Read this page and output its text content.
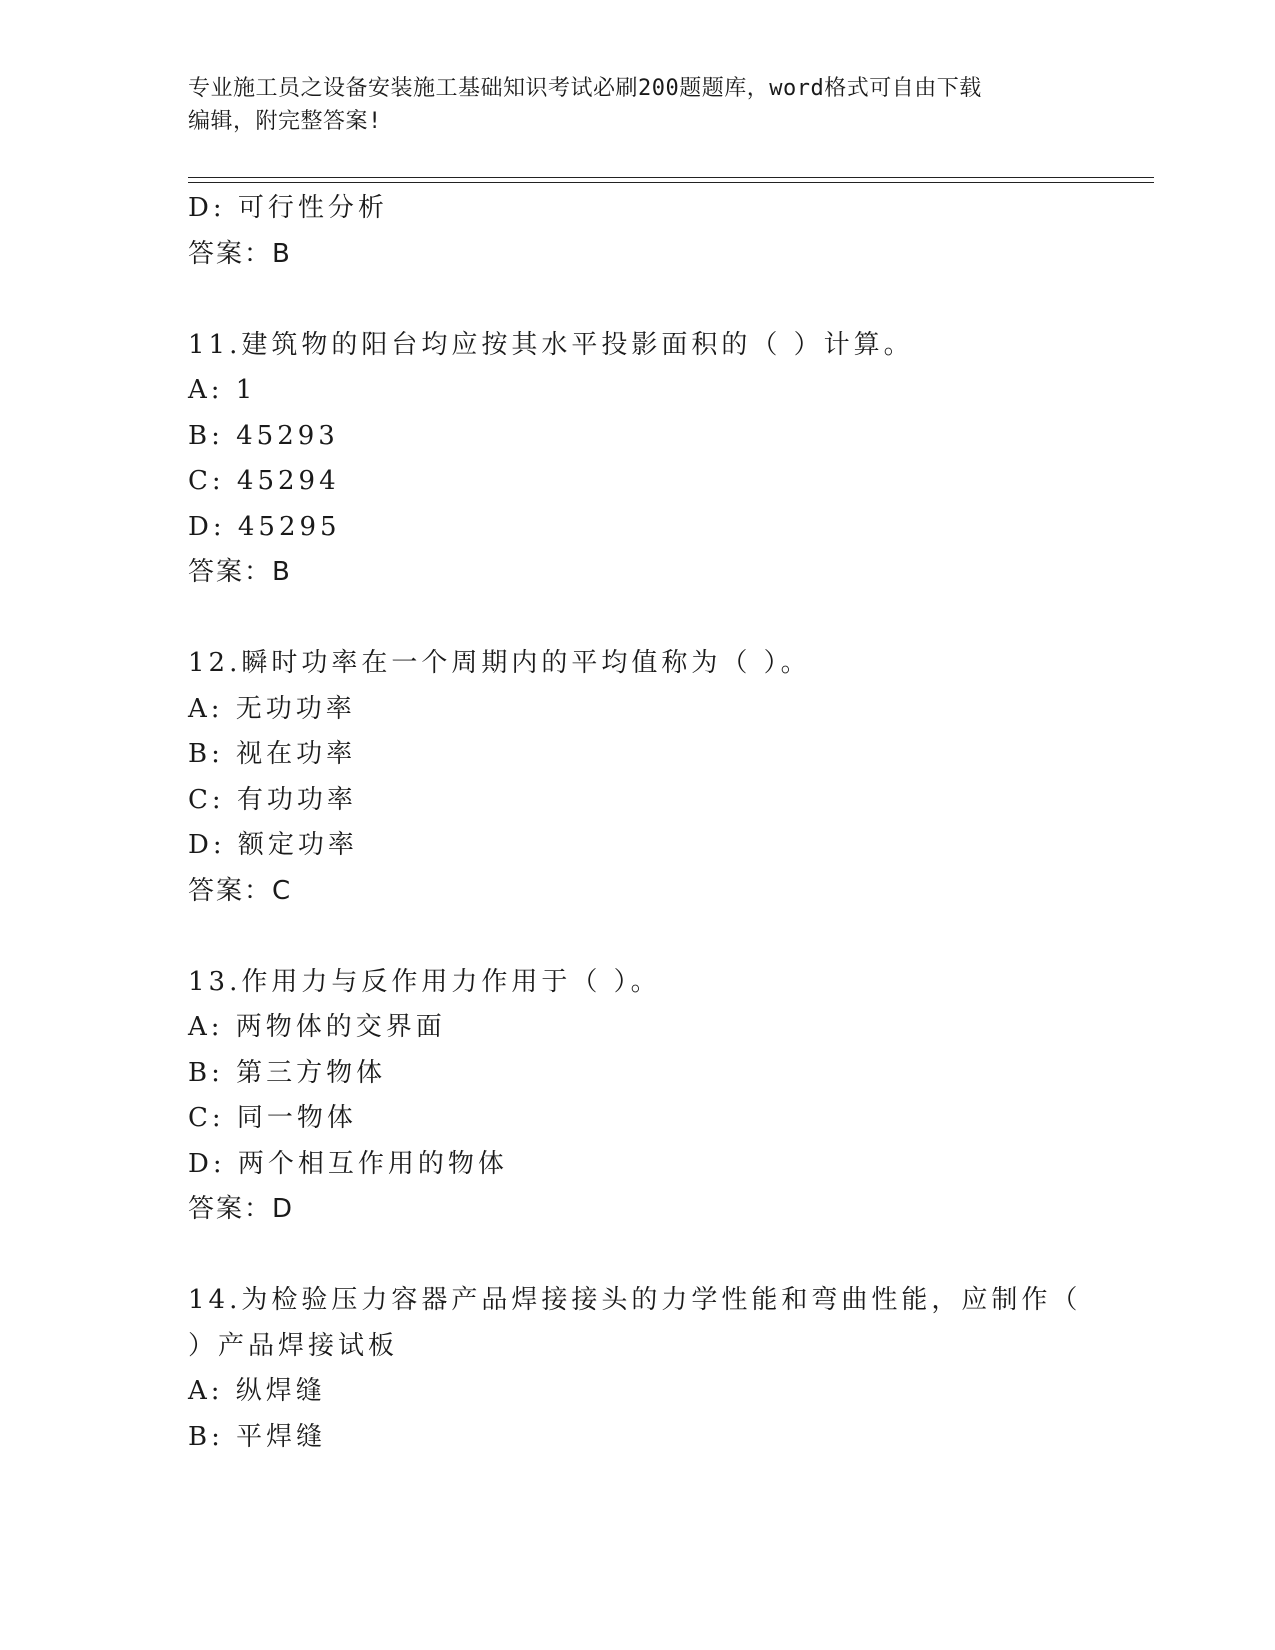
专业施工员之设备安装施工基础知识考试必刷200题题库，word格式可自由下载
编辑，附完整答案!
D: 可行性分析
答案：B
11.建筑物的阳台均应按其水平投影面积的（ ）计算。
A: 1
B: 45293
C: 45294
D: 45295
答案：B
12.瞬时功率在一个周期内的平均值称为（ ）。
A: 无功功率
B: 视在功率
C: 有功功率
D: 额定功率
答案：C
13.作用力与反作用力作用于（ ）。
A: 两物体的交界面
B: 第三方物体
C: 同一物体
D: 两个相互作用的物体
答案：D
14.为检验压力容器产品焊接接头的力学性能和弯曲性能，应制作（
）产品焊接试板
A: 纵焊缝
B: 平焊缝
